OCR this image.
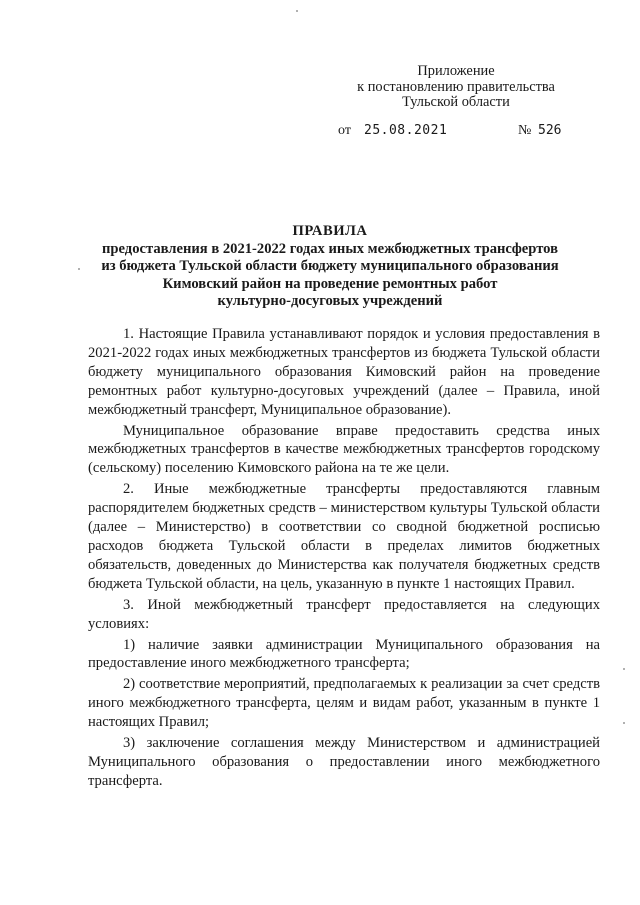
Приложение
к постановлению правительства
Тульской области
от 25.08.2021	№ 526
ПРАВИЛА
предоставления в 2021-2022 годах иных межбюджетных трансфертов
из бюджета Тульской области бюджету муниципального образования
Кимовский район на проведение ремонтных работ
культурно-досуговых учреждений

1. Настоящие Правила устанавливают порядок и условия предоставления в 2021-2022 годах иных межбюджетных трансфертов из бюджета Тульской области бюджету муниципального образования Кимовский район на проведение ремонтных работ культурно-досуговых учреждений (далее – Правила, иной межбюджетный трансферт, Муниципальное образование).

Муниципальное образование вправе предоставить средства иных межбюджетных трансфертов в качестве межбюджетных трансфертов городскому (сельскому) поселению Кимовского района на те же цели.

2. Иные межбюджетные трансферты предоставляются главным распорядителем бюджетных средств – министерством культуры Тульской области (далее – Министерство) в соответствии со сводной бюджетной росписью расходов бюджета Тульской области в пределах лимитов бюджетных обязательств, доведенных до Министерства как получателя бюджетных средств бюджета Тульской области, на цель, указанную в пункте 1 настоящих Правил.

3. Иной межбюджетный трансферт предоставляется на следующих условиях:

1) наличие заявки администрации Муниципального образования на предоставление иного межбюджетного трансферта;

2) соответствие мероприятий, предполагаемых к реализации за счет средств иного межбюджетного трансферта, целям и видам работ, указанным в пункте 1 настоящих Правил;

3) заключение соглашения между Министерством и администрацией Муниципального образования о предоставлении иного межбюджетного трансферта.
